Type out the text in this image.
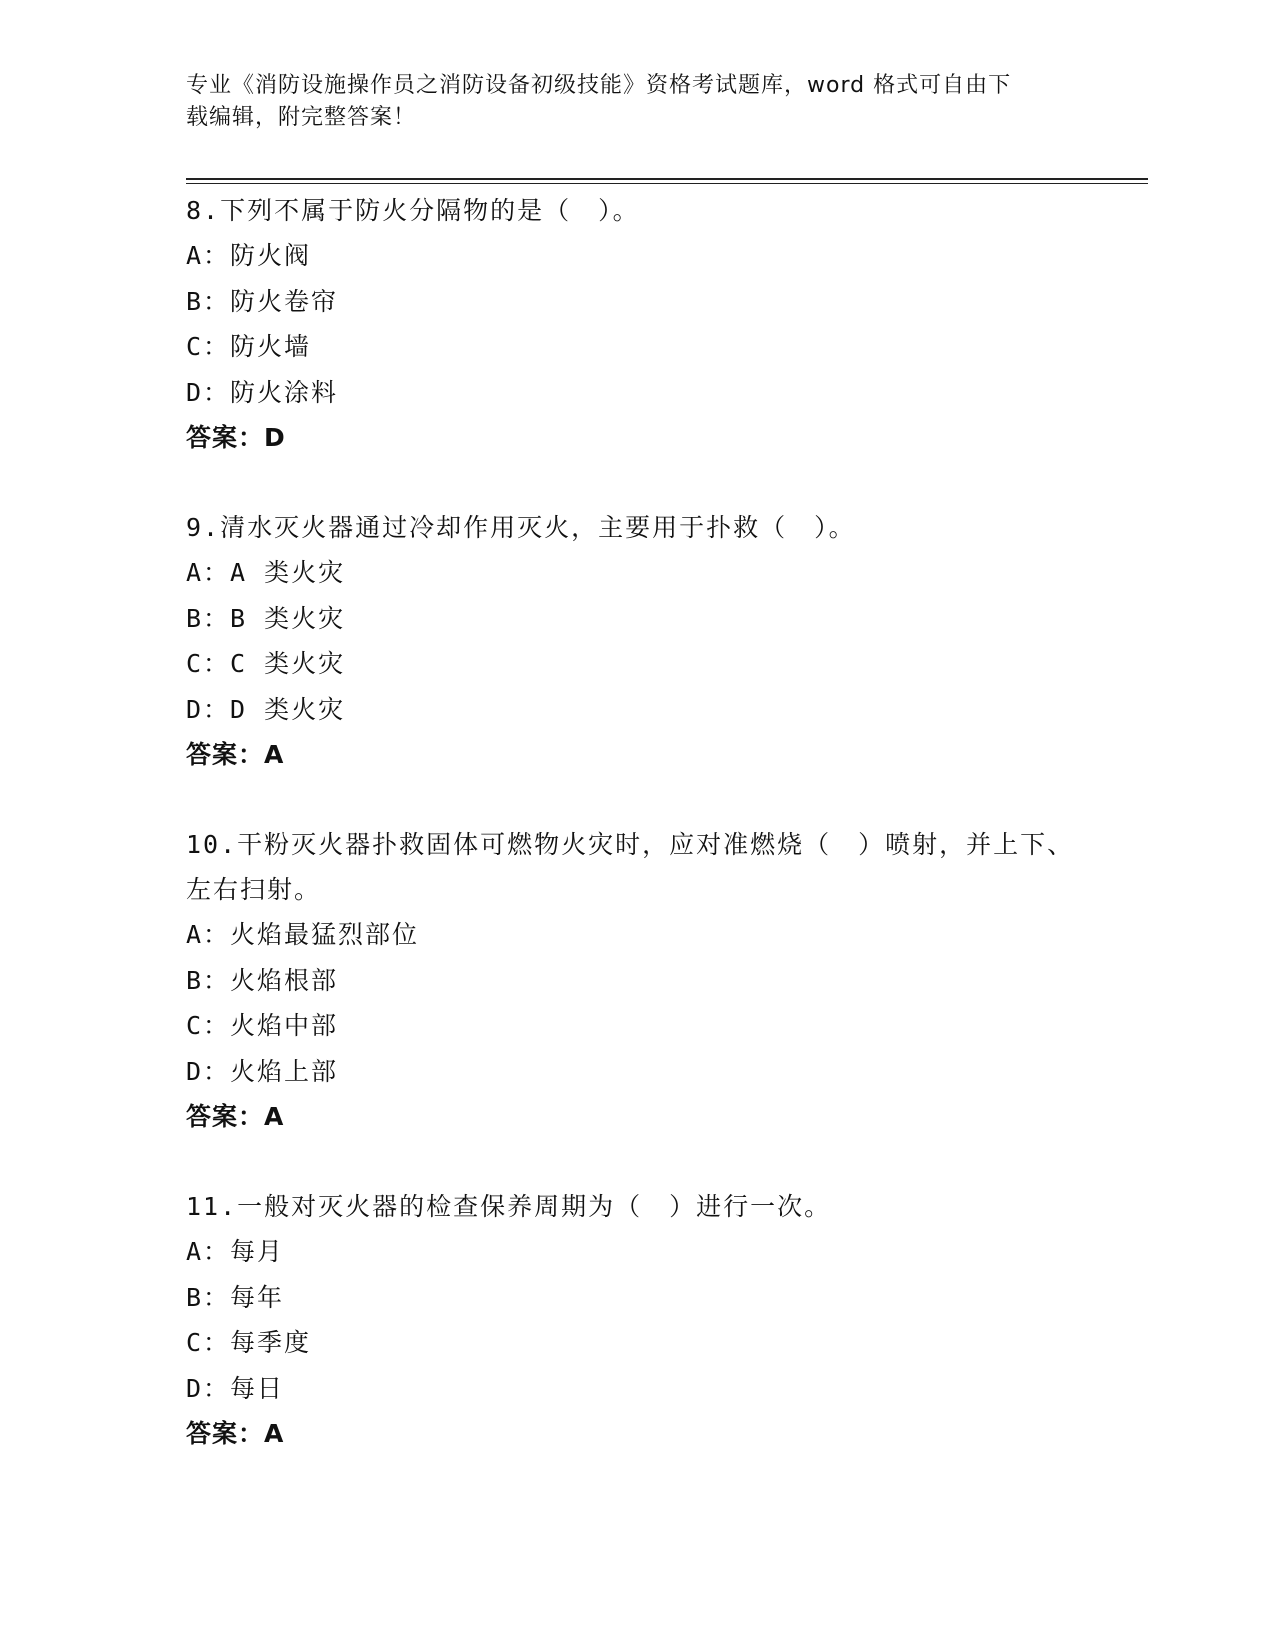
专业《消防设施操作员之消防设备初级技能》资格考试题库，word 格式可自由下
载编辑，附完整答案！
8.下列不属于防火分隔物的是（　）。
A：防火阀
B：防火卷帘
C：防火墙
D：防火涂料
答案：D
9.清水灭火器通过冷却作用灭火，主要用于扑救（　）。
A：A 类火灾
B：B 类火灾
C：C 类火灾
D：D 类火灾
答案：A
10.干粉灭火器扑救固体可燃物火灾时，应对准燃烧（　）喷射，并上下、左右扫射。
A：火焰最猛烈部位
B：火焰根部
C：火焰中部
D：火焰上部
答案：A
11.一般对灭火器的检查保养周期为（　）进行一次。
A：每月
B：每年
C：每季度
D：每日
答案：A
